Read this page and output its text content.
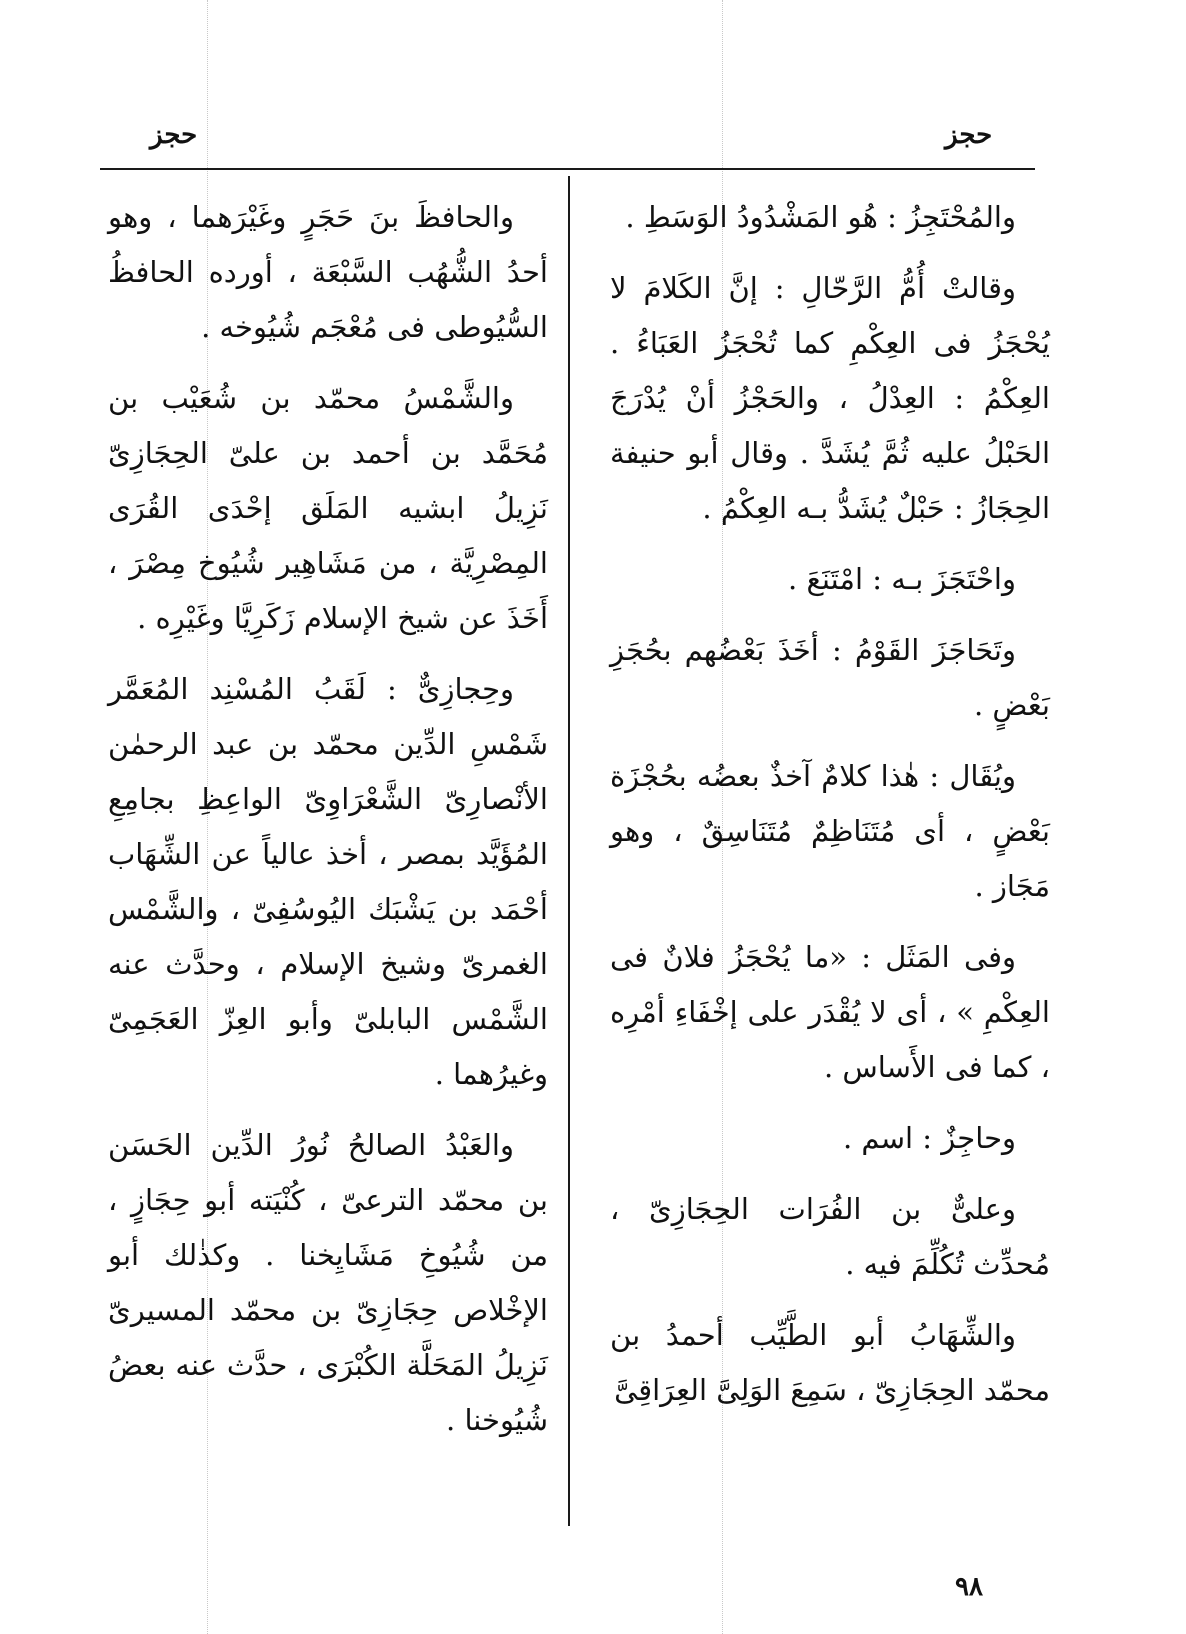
حجز	حجز

والمُحْتَجِزُ : هُو المَشْدُودُ الوَسَطِ .

وقالتْ أُمُّ الرَّحّالِ : إنَّ الكَلامَ لا يُحْجَزُ فى العِكْمِ كما تُحْجَزُ العَبَاءُ . العِكْمُ : العِدْلُ ، والحَجْزُ أنْ يُدْرَجَ الحَبْلُ عليه ثُمَّ يُشَدَّ . وقال أبو حنيفة الحِجَازُ : حَبْلٌ يُشَدُّ بـه العِكْمُ .

واحْتَجَزَ بـه : امْتَنَعَ .

وتَحَاجَزَ القَوْمُ : أخَذَ بَعْضُهم بحُجَزِ بَعْضٍ .

ويُقَال : هٰذا كلامٌ آخذٌ بعضُه بحُجْزَة بَعْضٍ ، أى مُتَنَاظِمٌ مُتَنَاسِقٌ ، وهو مَجَاز .

وفى المَثَل : «ما يُحْجَزُ فلانٌ فى العِكْمِ » ، أى لا يُقْدَر على إخْفَاءِ أمْرِه ، كما فى الأَساس .

وحاجِزٌ : اسم .

وعلىٌّ بن الفُرَات الحِجَازِىّ ، مُحدِّث تُكُلِّمَ فيه .

والشِّهَابُ أبو الطَّيِّب أحمدُ بن محمّد الحِجَازِىّ ، سَمِعَ الوَلِىَّ العِرَاقِىَّ

والحافظَ بنَ حَجَرٍ وغَيْرَهما ، وهو أحدُ الشُّهُب السَّبْعَة ، أورده الحافظُ السُّيُوطى فى مُعْجَم شُيُوخه .

والشَّمْسُ محمّد بن شُعَيْب بن مُحَمَّد بن أحمد بن علىّ الحِجَازِىّ نَزِيلُ ابشيه المَلَق إحْدَى القُرَى المِصْرِيَّة ، من مَشَاهِير شُيُوخ مِصْرَ ، أَخَذَ عن شيخ الإسلام زَكَرِيَّا وغَيْرِه .

وحِجازِىٌّ : لَقَبُ المُسْنِد المُعَمَّر شَمْسِ الدِّين محمّد بن عبد الرحمٰن الأنْصارِىّ الشَّعْرَاوِىّ الواعِظِ بجامِعِ المُؤَيَّد بمصر ، أخذ عالياً عن الشِّهَاب أحْمَد بن يَشْبَك اليُوسُفِىّ ، والشَّمْس الغمرىّ وشيخ الإسلام ، وحدَّث عنه الشَّمْس البابلىّ وأبو العِزّ العَجَمِىّ وغيرُهما .

والعَبْدُ الصالحُ نُورُ الدِّين الحَسَن بن محمّد الترعىّ ، كُنْيَته أبو حِجَازٍ ، من شُيُوخِ مَشَايِخنا . وكذٰلك أبو الإخْلاص حِجَازِىّ بن محمّد المسيرىّ نَزِيلُ المَحَلَّة الكُبْرَى ، حدَّث عنه بعضُ شُيُوخنا .

٩٨
